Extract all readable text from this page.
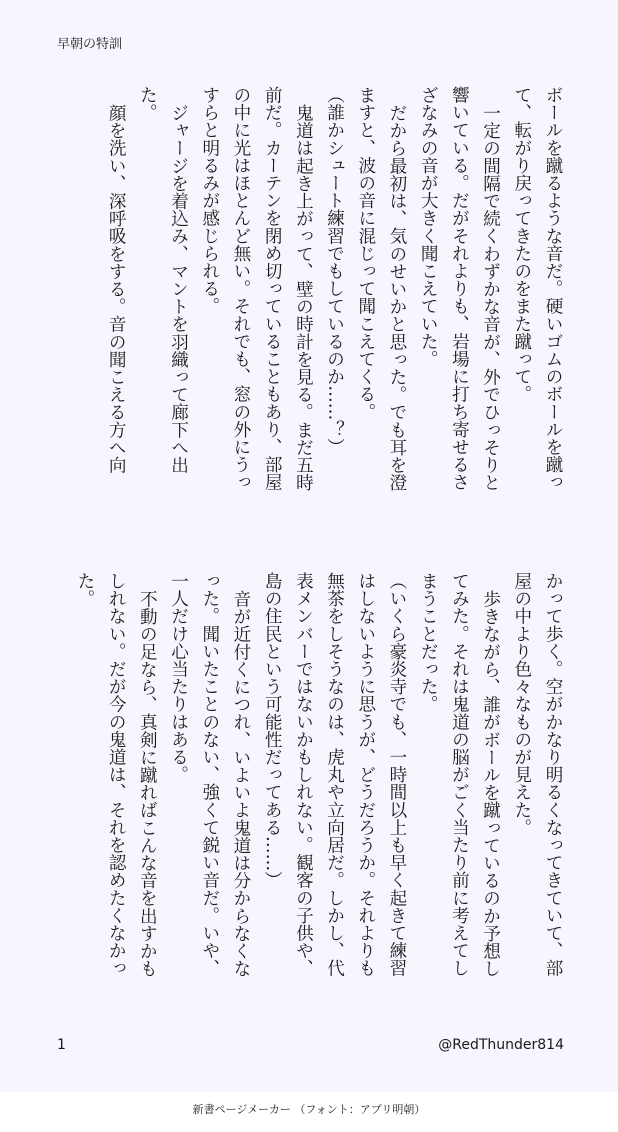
早朝の特訓
ボールを蹴るような音だ。硬いゴムのボールを蹴って、転がり戻ってきたのをまた蹴って。
一定の間隔で続くわずかな音が、外でひっそりと響いている。だがそれよりも、岩場に打ち寄せるさざなみの音が大きく聞こえていた。
だから最初は、気のせいかと思った。でも耳を澄ますと、波の音に混じって聞こえてくる。
（誰かシュート練習でもしているのか……？）
鬼道は起き上がって、壁の時計を見る。まだ五時前だ。カーテンを閉め切っていることもあり、部屋の中に光はほとんど無い。それでも、窓の外にうっすらと明るみが感じられる。
ジャージを着込み、マントを羽織って廊下へ出た。
顔を洗い、深呼吸をする。音の聞こえる方へ向
かって歩く。空がかなり明るくなってきていて、部屋の中より色々なものが見えた。
歩きながら、誰がボールを蹴っているのか予想してみた。それは鬼道の脳がごく当たり前に考えてしまうことだった。
（いくら豪炎寺でも、一時間以上も早く起きて練習はしないように思うが、どうだろうか。それよりも無茶をしそうなのは、虎丸や立向居だ。しかし、代表メンバーではないかもしれない。観客の子供や、島の住民という可能性だってある……）
音が近付くにつれ、いよいよ鬼道は分からなくなった。聞いたことのない、強くて鋭い音だ。いや、一人だけ心当たりはある。
不動の足なら、真剣に蹴ればこんな音を出すかもしれない。だが今の鬼道は、それを認めたくなかった。
1	@RedThunder814
新書ページメーカー （フォント：アプリ明朝）
